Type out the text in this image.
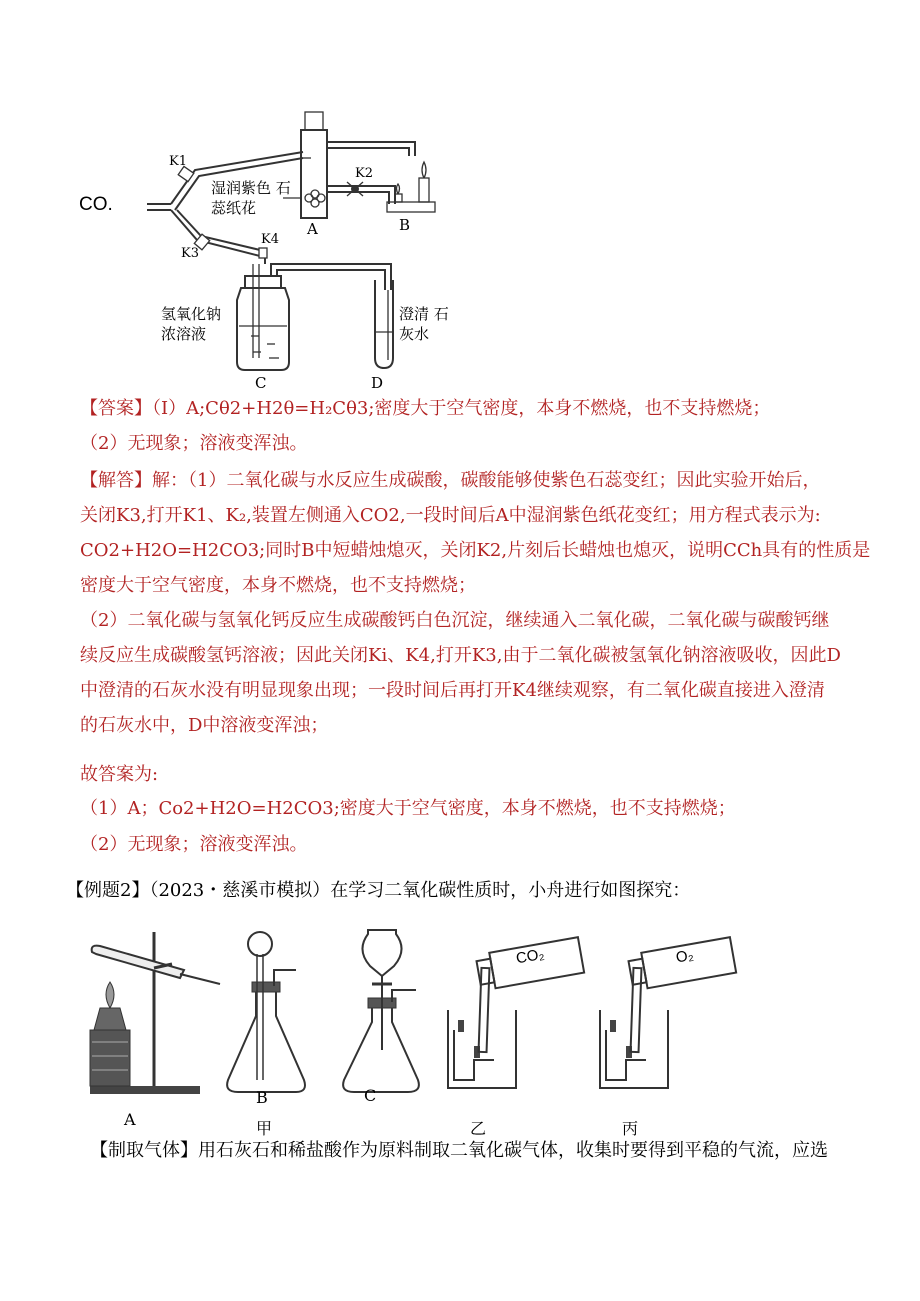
CO.
K1
K2
K3
K4
湿润紫色 石蕊纸花
A	B
氢氧化钠 浓溶液
C
澄清 石灰水
D
【答案】（I）A;Cθ2+H2θ=H₂Cθ3;密度大于空气密度，本身不燃烧，也不支持燃烧；
（2）无现象；溶液变浑浊。
【解答】解：（1）二氧化碳与水反应生成碳酸，碳酸能够使紫色石蕊变红；因此实验开始后，
关闭K3,打开K1、K₂,装置左侧通入CO2,一段时间后A中湿润紫色纸花变红；用方程式表示为:
CO2+H2O=H2CO3;同时B中短蜡烛熄灭，关闭K2,片刻后长蜡烛也熄灭，说明CCh具有的性质是
密度大于空气密度，本身不燃烧，也不支持燃烧；
（2）二氧化碳与氢氧化钙反应生成碳酸钙白色沉淀，继续通入二氧化碳，二氧化碳与碳酸钙继
续反应生成碳酸氢钙溶液；因此关闭Ki、K4,打开K3,由于二氧化碳被氢氧化钠溶液吸收，因此D
中澄清的石灰水没有明显现象出现；一段时间后再打开K4继续观察，有二氧化碳直接进入澄清
的石灰水中，D中溶液变浑浊；
故答案为:
（1）A；Co2+H2O=H2CO3;密度大于空气密度，本身不燃烧，也不支持燃烧；
（2）无现象；溶液变浑浊。
【例题2】（2023・慈溪市模拟）在学习二氧化碳性质时，小舟进行如图探究：
CO₂	O₂
A
B	C
甲	乙	丙
【制取气体】用石灰石和稀盐酸作为原料制取二氧化碳气体，收集时要得到平稳的气流，应选
